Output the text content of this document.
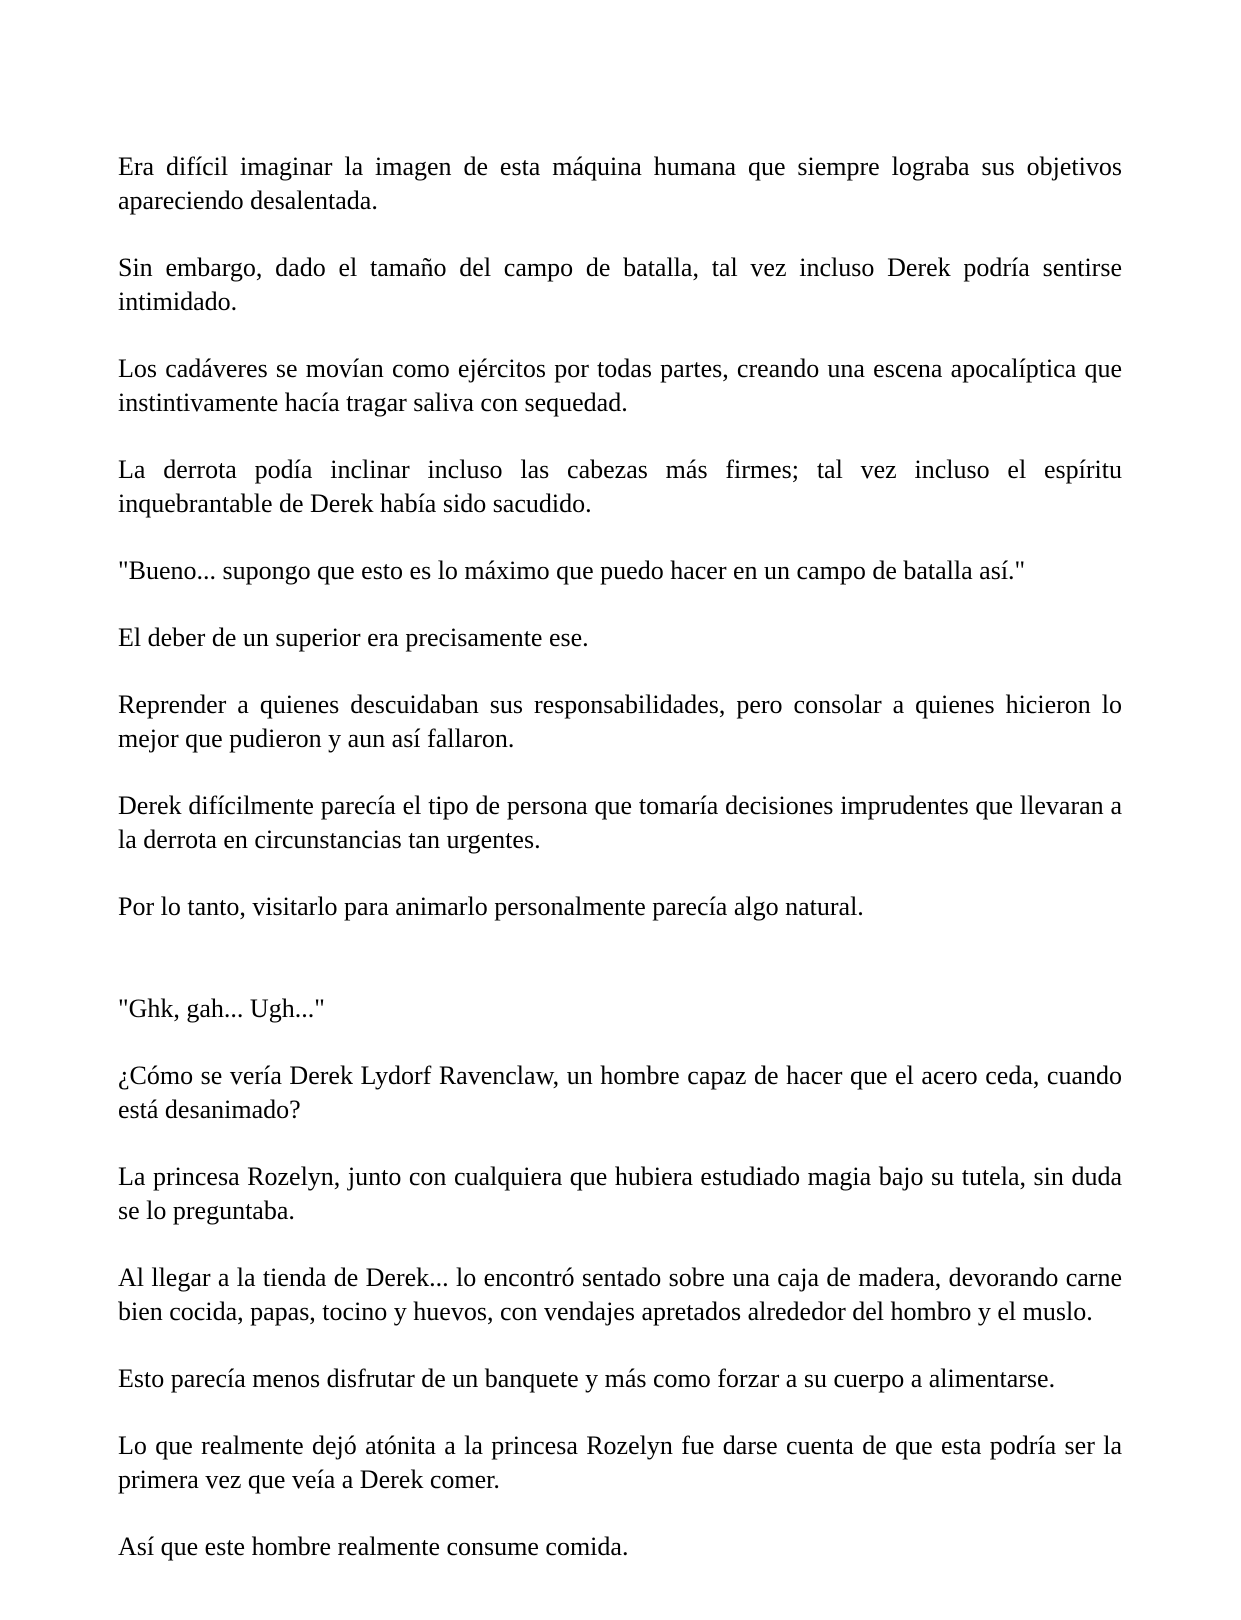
Era difícil imaginar la imagen de esta máquina humana que siempre lograba sus objetivos apareciendo desalentada.

Sin embargo, dado el tamaño del campo de batalla, tal vez incluso Derek podría sentirse intimidado.

Los cadáveres se movían como ejércitos por todas partes, creando una escena apocalíptica que instintivamente hacía tragar saliva con sequedad.

La derrota podía inclinar incluso las cabezas más firmes; tal vez incluso el espíritu inquebrantable de Derek había sido sacudido.

"Bueno... supongo que esto es lo máximo que puedo hacer en un campo de batalla así."

El deber de un superior era precisamente ese.

Reprender a quienes descuidaban sus responsabilidades, pero consolar a quienes hicieron lo mejor que pudieron y aun así fallaron.

Derek difícilmente parecía el tipo de persona que tomaría decisiones imprudentes que llevaran a la derrota en circunstancias tan urgentes.

Por lo tanto, visitarlo para animarlo personalmente parecía algo natural.

"Ghk, gah... Ugh..."

¿Cómo se vería Derek Lydorf Ravenclaw, un hombre capaz de hacer que el acero ceda, cuando está desanimado?

La princesa Rozelyn, junto con cualquiera que hubiera estudiado magia bajo su tutela, sin duda se lo preguntaba.

Al llegar a la tienda de Derek... lo encontró sentado sobre una caja de madera, devorando carne bien cocida, papas, tocino y huevos, con vendajes apretados alrededor del hombro y el muslo.

Esto parecía menos disfrutar de un banquete y más como forzar a su cuerpo a alimentarse.

Lo que realmente dejó atónita a la princesa Rozelyn fue darse cuenta de que esta podría ser la primera vez que veía a Derek comer.

Así que este hombre realmente consume comida.
